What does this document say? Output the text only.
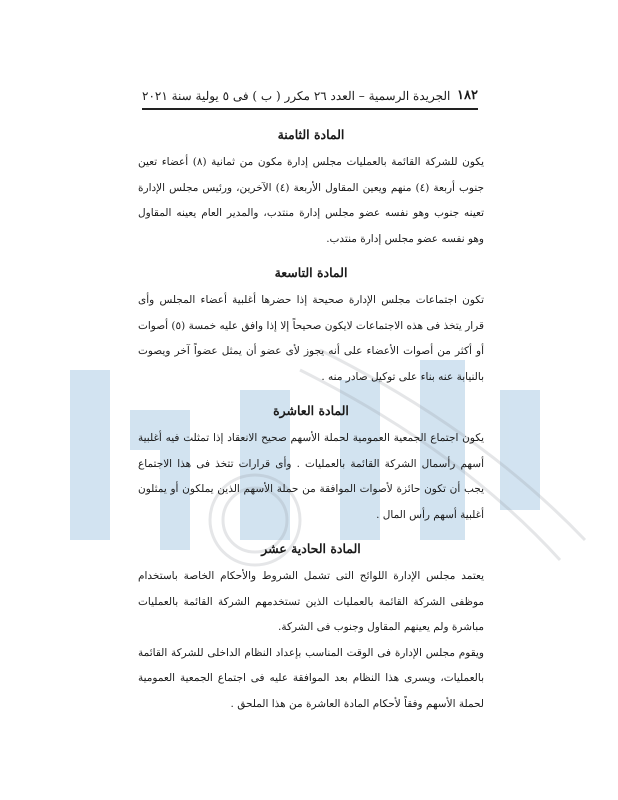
١٨٢
الجريدة الرسمية – العدد ٢٦ مكرر ( ب ) فى ٥ يولية سنة ٢٠٢١
المادة الثامنة

يكون للشركة القائمة بالعمليات مجلس إدارة مكون من ثمانية (٨) أعضاء تعين جنوب أربعة (٤) منهم ويعين المقاول الأربعة (٤) الآخرين، ورئيس مجلس الإدارة تعينه جنوب وهو نفسه عضو مجلس إدارة منتدب، والمدير العام يعينه المقاول وهو نفسه عضو مجلس إدارة منتدب.

المادة التاسعة

تكون اجتماعات مجلس الإدارة صحيحة إذا حضرها أغلبية أعضاء المجلس وأى قرار يتخذ فى هذه الاجتماعات لايكون صحيحاً إلا إذا وافق عليه خمسة (٥) أصوات أو أكثر من أصوات الأعضاء على أنه يجوز لأى عضو أن يمثل عضواً آخر ويصوت بالنيابة عنه بناء على توكيل صادر منه .

المادة العاشرة

يكون اجتماع الجمعية العمومية لحملة الأسهم صحيح الانعقاد إذا تمثلت فيه أغلبية أسهم رأسمال الشركة القائمة بالعمليات . وأى قرارات تتخذ فى هذا الاجتماع يجب أن تكون حائزة لأصوات الموافقة من حملة الأسهم الذين يملكون أو يمثلون أغلبية أسهم رأس المال .

المادة الحادية عشر

يعتمد مجلس الإدارة اللوائح التى تشمل الشروط والأحكام الخاصة باستخدام موظفى الشركة القائمة بالعمليات الذين تستخدمهم الشركة القائمة بالعمليات مباشرة ولم يعينهم المقاول وجنوب فى الشركة.

ويقوم مجلس الإدارة فى الوقت المناسب بإعداد النظام الداخلى للشركة القائمة بالعمليات، ويسرى هذا النظام بعد الموافقة عليه فى اجتماع الجمعية العمومية لحملة الأسهم وفقاً لأحكام المادة العاشرة من هذا الملحق .
